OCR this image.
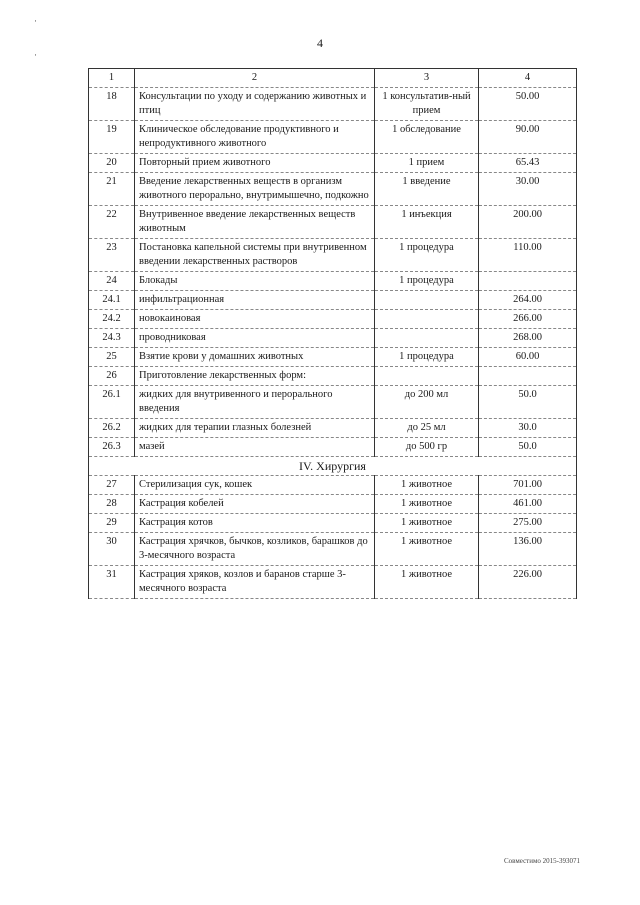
·
·
4
1	2	3	4
18	Консультации по уходу и содержанию животных и птиц	1 консультатив-ный прием	50.00
19	Клиническое обследование продуктивного и непродуктивного животного	1 обследование	90.00
20	Повторный прием животного	1 прием	65.43
21	Введение лекарственных веществ в организм животного перорально, внутримышечно, подкожно	1 введение	30.00
22	Внутривенное введение лекарственных веществ животным	1 инъекция	200.00
23	Постановка капельной системы при внутривенном введении лекарственных растворов	1 процедура	110.00
24	Блокады	1 процедура	
24.1	инфильтрационная		264.00
24.2	новокаиновая		266.00
24.3	проводниковая		268.00
25	Взятие крови у домашних животных	1 процедура	60.00
26	Приготовление лекарственных форм:		
26.1	жидких для внутривенного и перорального введения	до 200 мл	50.0
26.2	жидких для терапии глазных болезней	до 25 мл	30.0
26.3	мазей	до 500 гр	50.0
IV. Хирургия			
27	Стерилизация сук, кошек	1 животное	701.00
28	Кастрация кобелей	1 животное	461.00
29	Кастрация котов	1 животное	275.00
30	Кастрация хрячков, бычков, козликов, барашков до 3-месячного возраста	1 животное	136.00
31	Кастрация хряков, козлов и баранов старше 3-месячного возраста	1 животное	226.00
Совместимо 2015-393071
